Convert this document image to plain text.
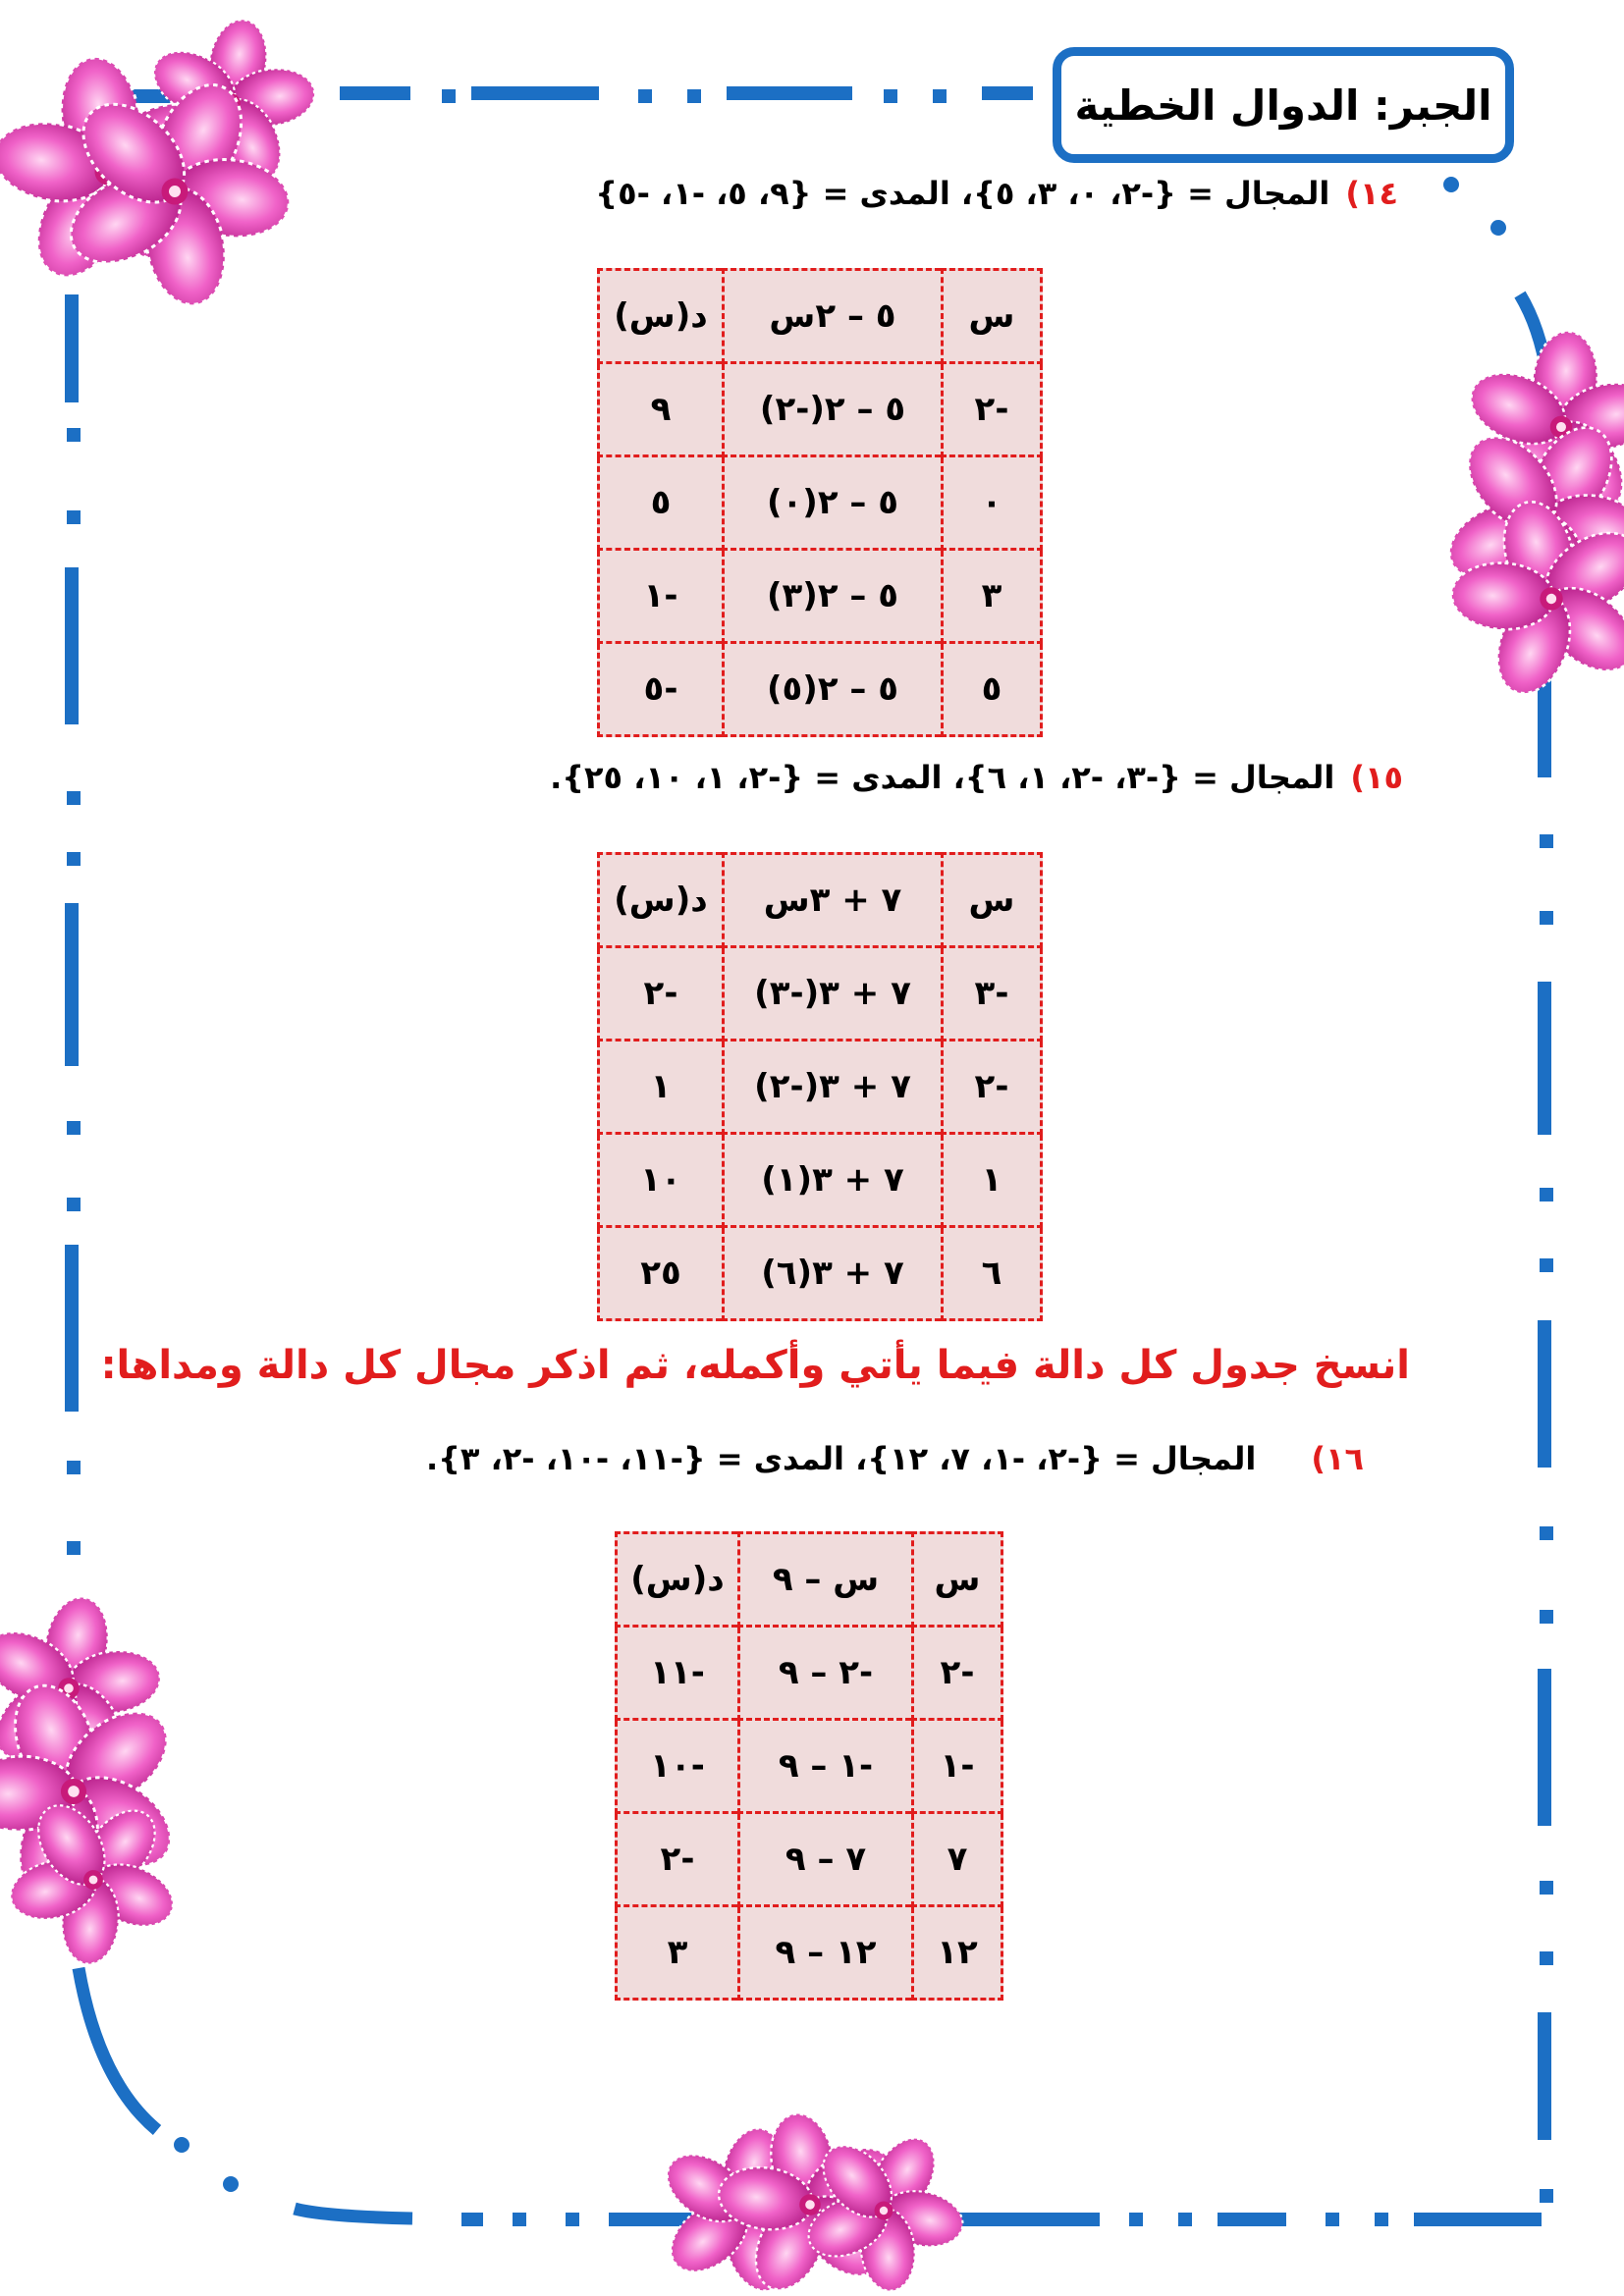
الجبر: الدوال الخطية
١٤)المجال = {-٢، ٠، ٣، ٥}، المدى = {٩، ٥، -١، -٥}
س	٥ – ٢س	د(س)
-٢	٥ – ٢(-٢)	٩
٠	٥ – ٢(٠)	٥
٣	٥ – ٢(٣)	-١
٥	٥ – ٢(٥)	-٥
١٥)المجال = {-٣، -٢، ١، ٦}، المدى = {-٢، ١، ١٠، ٢٥}.
س	٧ + ٣س	د(س)
-٣	٧ + ٣(-٣)	-٢
-٢	٧ + ٣(-٢)	١
١	٧ + ٣(١)	١٠
٦	٧ + ٣(٦)	٢٥
انسخ جدول كل دالة فيما يأتي وأكمله، ثم اذكر مجال كل دالة ومداها:
١٦)المجال = {-٢، -١، ٧، ١٢}، المدى = {-١١، -١٠، -٢، ٣}.
س	س – ٩	د(س)
-٢	-٢ – ٩	-١١
-١	-١ – ٩	-١٠
٧	٧ – ٩	-٢
١٢	١٢ – ٩	٣
